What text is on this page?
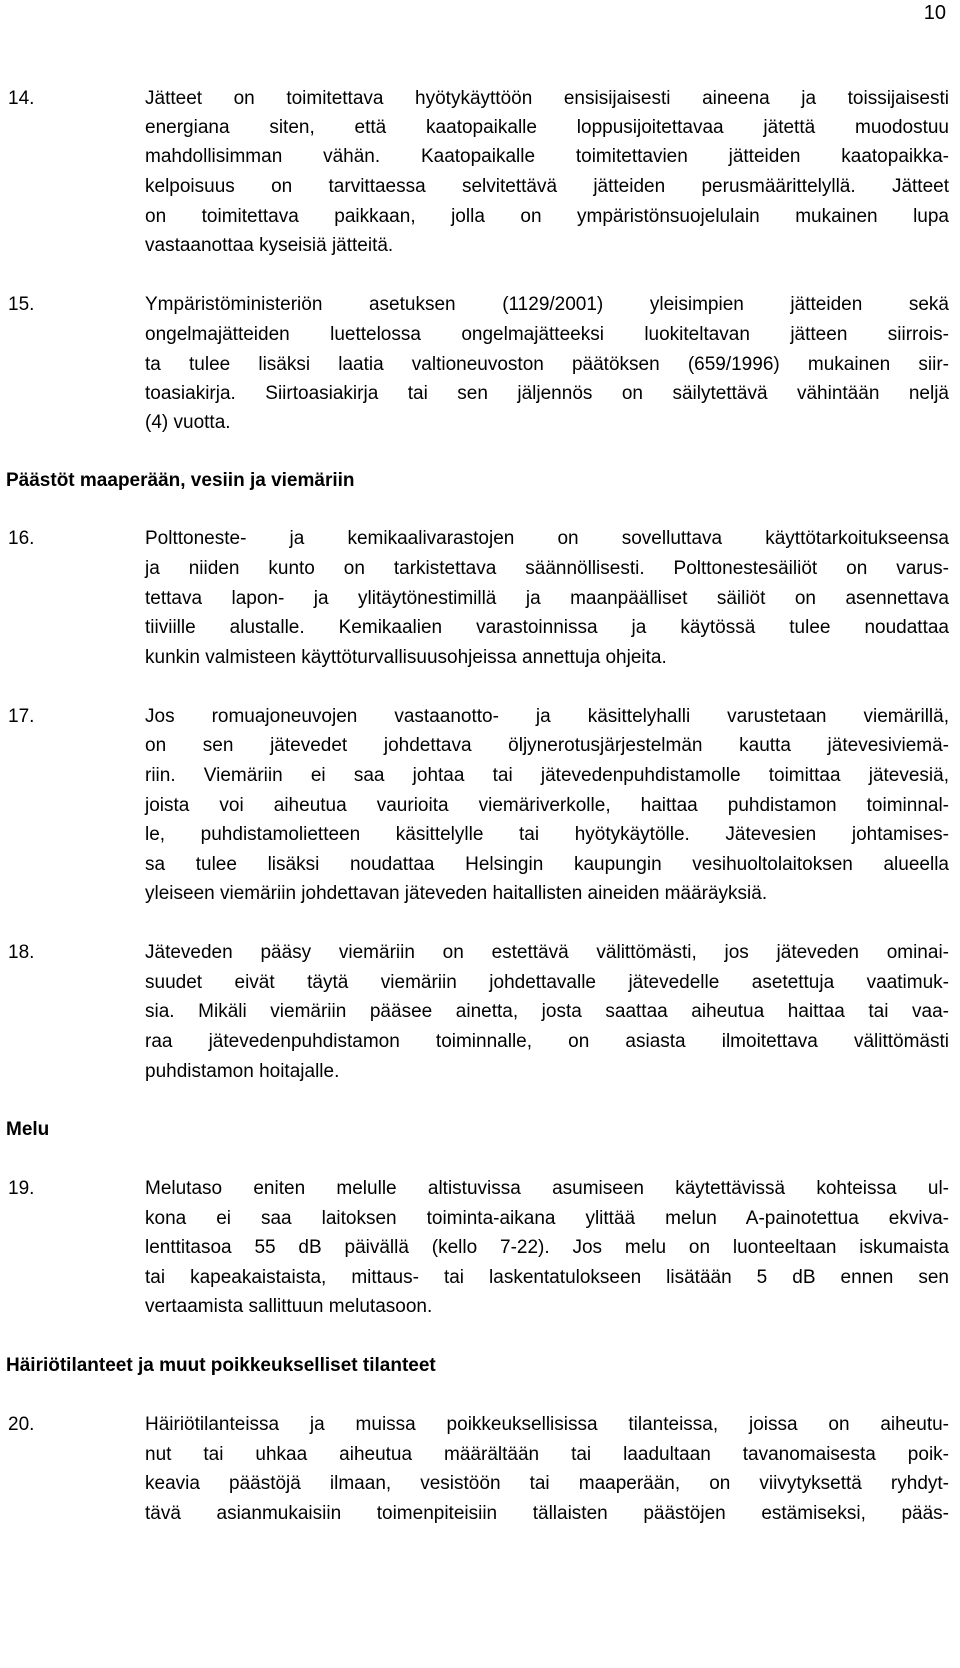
10
14.	Jätteet on toimitettava hyötykäyttöön ensisijaisesti aineena ja toissijaisesti
energiana siten, että kaatopaikalle loppusijoitettavaa jätettä muodostuu
mahdollisimman vähän. Kaatopaikalle toimitettavien jätteiden kaatopaikka-
kelpoisuus on tarvittaessa selvitettävä jätteiden perusmäärittelyllä. Jätteet
on toimitettava paikkaan, jolla on ympäristönsuojelulain mukainen lupa
vastaanottaa kyseisiä jätteitä.
15.	Ympäristöministeriön asetuksen (1129/2001) yleisimpien jätteiden sekä
ongelmajätteiden luettelossa ongelmajätteeksi luokiteltavan jätteen siirrois-
ta tulee lisäksi laatia valtioneuvoston päätöksen (659/1996) mukainen siir-
toasiakirja. Siirtoasiakirja tai sen jäljennös on säilytettävä vähintään neljä
(4) vuotta.
Päästöt maaperään, vesiin ja viemäriin
16.	Polttoneste- ja kemikaalivarastojen on sovelluttava käyttötarkoitukseensa
ja niiden kunto on tarkistettava säännöllisesti. Polttonestesäiliöt on varus-
tettava lapon- ja ylitäytönestimillä ja maanpäälliset säiliöt on asennettava
tiiviille alustalle. Kemikaalien varastoinnissa ja käytössä tulee noudattaa
kunkin valmisteen käyttöturvallisuusohjeissa annettuja ohjeita.
17.	Jos romuajoneuvojen vastaanotto- ja käsittelyhalli varustetaan viemärillä,
on sen jätevedet johdettava öljynerotusjärjestelmän kautta jätevesiviemä-
riin. Viemäriin ei saa johtaa tai jätevedenpuhdistamolle toimittaa jätevesiä,
joista voi aiheutua vaurioita viemäriverkolle, haittaa puhdistamon toiminnal-
le, puhdistamolietteen käsittelylle tai hyötykäytölle. Jätevesien johtamises-
sa tulee lisäksi noudattaa Helsingin kaupungin vesihuoltolaitoksen alueella
yleiseen viemäriin johdettavan jäteveden haitallisten aineiden määräyksiä.
18.	Jäteveden pääsy viemäriin on estettävä välittömästi, jos jäteveden ominai-
suudet eivät täytä viemäriin johdettavalle jätevedelle asetettuja vaatimuk-
sia. Mikäli viemäriin pääsee ainetta, josta saattaa aiheutua haittaa tai vaa-
raa jätevedenpuhdistamon toiminnalle, on asiasta ilmoitettava välittömästi
puhdistamon hoitajalle.
Melu
19.	Melutaso eniten melulle altistuvissa asumiseen käytettävissä kohteissa ul-
kona ei saa laitoksen toiminta-aikana ylittää melun A-painotettua ekviva-
lenttitasoa 55 dB päivällä (kello 7-22). Jos melu on luonteeltaan iskumaista
tai kapeakaistaista, mittaus- tai laskentatulokseen lisätään 5 dB ennen sen
vertaamista sallittuun melutasoon.
Häiriötilanteet ja muut poikkeukselliset tilanteet
20.	Häiriötilanteissa ja muissa poikkeuksellisissa tilanteissa, joissa on aiheutu-
nut tai uhkaa aiheutua määrältään tai laadultaan tavanomaisesta poik-
keavia päästöjä ilmaan, vesistöön tai maaperään, on viivytyksettä ryhdyt-
tävä asianmukaisiin toimenpiteisiin tällaisten päästöjen estämiseksi, pääs-
